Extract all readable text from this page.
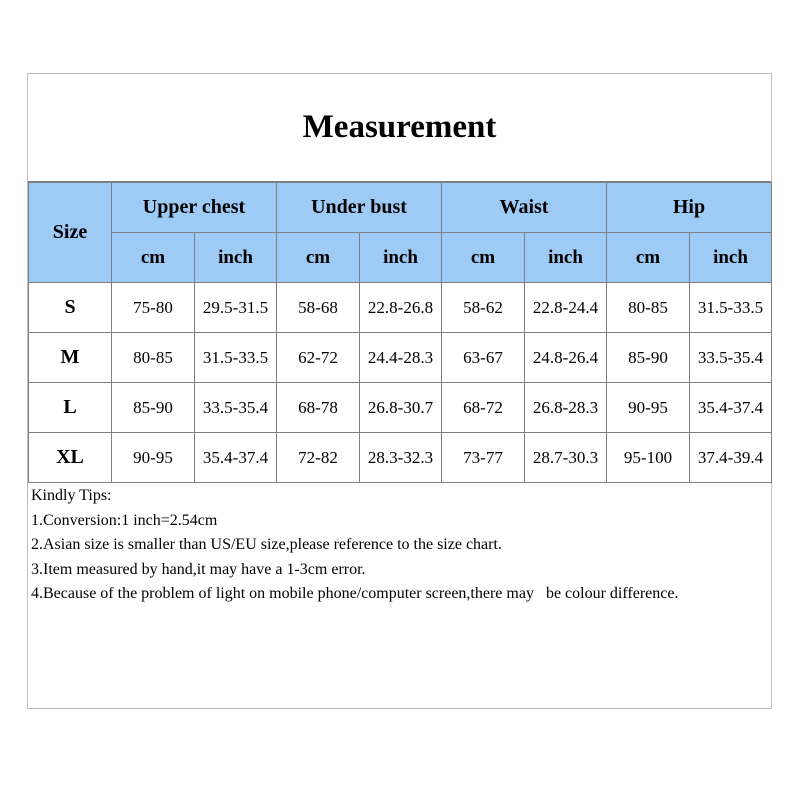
Measurement
Size	Upper chest		Under bust		Waist		Hip	
	cm	inch	cm	inch	cm	inch	cm	inch
S	75-80	29.5-31.5	58-68	22.8-26.8	58-62	22.8-24.4	80-85	31.5-33.5
M	80-85	31.5-33.5	62-72	24.4-28.3	63-67	24.8-26.4	85-90	33.5-35.4
L	85-90	33.5-35.4	68-78	26.8-30.7	68-72	26.8-28.3	90-95	35.4-37.4
XL	90-95	35.4-37.4	72-82	28.3-32.3	73-77	28.7-30.3	95-100	37.4-39.4
Kindly Tips:
1.Conversion:1 inch=2.54cm
2.Asian size is smaller than US/EU size,please reference to the size chart.
3.Item measured by hand,it may have a 1-3cm error.
4.Because of the problem of light on mobile phone/computer screen,there may   be colour difference.
